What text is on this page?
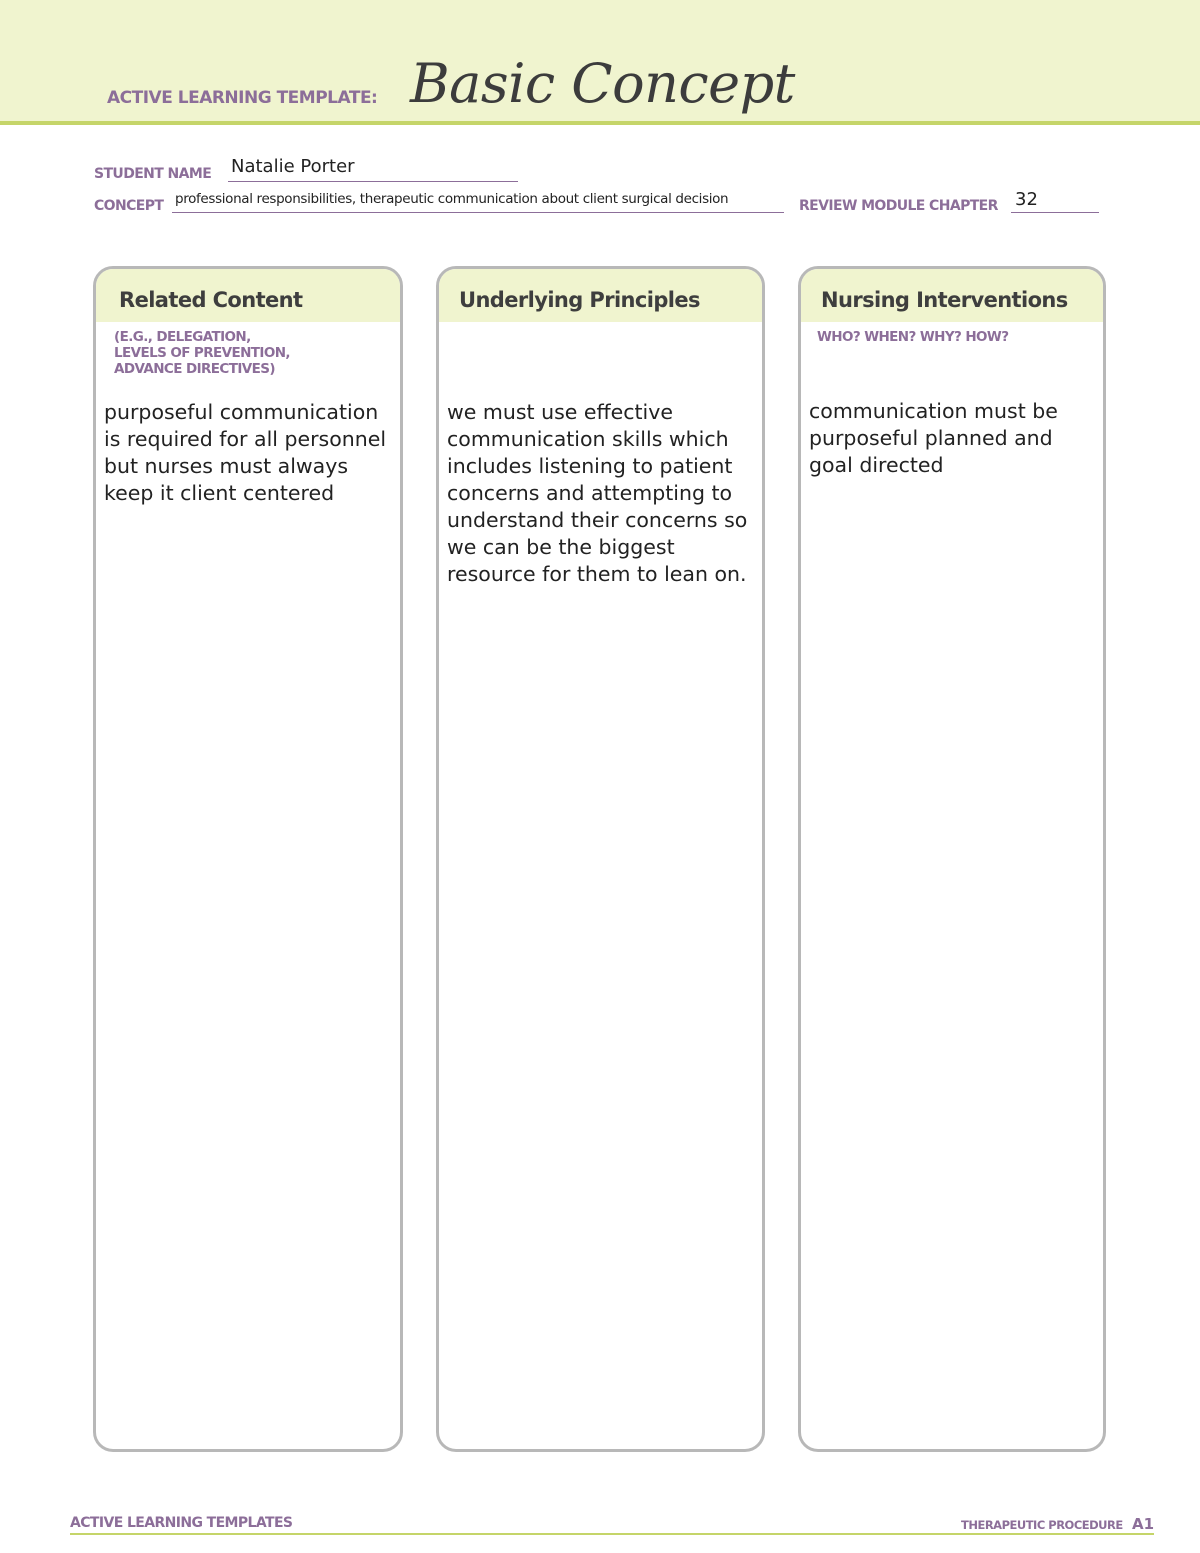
ACTIVE LEARNING TEMPLATE: Basic Concept
STUDENT NAME Natalie Porter
CONCEPT professional responsibilities, therapeutic communication about client surgical decision	REVIEW MODULE CHAPTER 32
Related Content
(E.G., DELEGATION,
LEVELS OF PREVENTION,
ADVANCE DIRECTIVES)
purposeful communication
is required for all personnel
but nurses must always
keep it client centered
Underlying Principles
we must use effective
communication skills which
includes listening to patient
concerns and attempting to
understand their concerns so
we can be the biggest
resource for them to lean on.
Nursing Interventions
WHO? WHEN? WHY? HOW?
communication must be
purposeful planned and
goal directed
ACTIVE LEARNING TEMPLATES	THERAPEUTIC PROCEDURE A1
